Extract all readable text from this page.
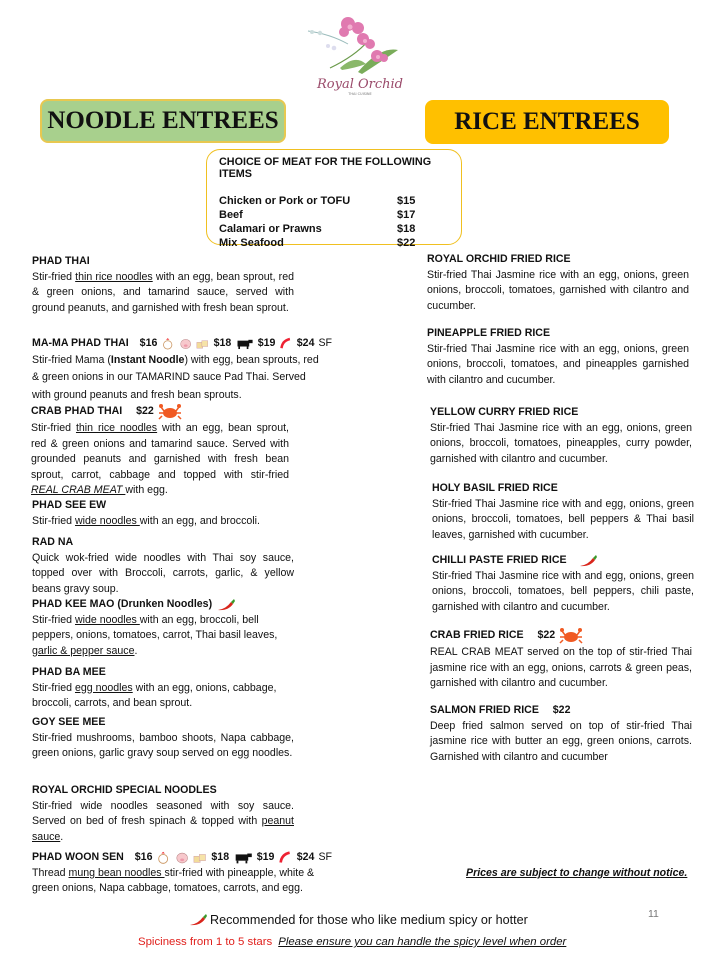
Royal Orchid
THAI CUISINE
NOODLE ENTREES	RICE ENTREES
CHOICE OF MEAT FOR THE FOLLOWING ITEMS
Chicken or Pork or TOFU	$15
Beef	$17
Calamari or Prawns	$18
Mix Seafood	$22
PHAD THAI
Stir-fried thin rice noodles with an egg, bean sprout, red & green onions, and tamarind sauce, served with ground peanuts, and garnished with fresh bean sprout.
MA-MA PHAD THAI
$16	$18 $19 $24 SF
Stir-fried Mama (Instant Noodle) with egg, bean sprouts, red & green onions in our TAMARIND sauce Pad Thai. Served with ground peanuts and fresh bean sprouts.
CRAB PHAD THAI
$22
Stir-fried thin rice noodles with an egg, bean sprout, red & green onions and tamarind sauce. Served with grounded peanuts and garnished with fresh bean sprout, carrot, cabbage and topped with stir-fried REAL CRAB MEAT with egg.
PHAD SEE EW
Stir-fried wide noodles with an egg, and broccoli.
RAD NA
Quick wok-fried wide noodles with Thai soy sauce, topped over with Broccoli, carrots, garlic, & yellow beans gravy soup.
PHAD KEE MAO (Drunken Noodles)
Stir-fried wide noodles with an egg, broccoli, bell peppers, onions, tomatoes, carrot, Thai basil leaves, garlic & pepper sauce.
PHAD BA MEE
Stir-fried egg noodles with an egg, onions, cabbage, broccoli, carrots, and bean sprout.
GOY SEE MEE
Stir-fried mushrooms, bamboo shoots, Napa cabbage, green onions, garlic gravy soup served on egg noodles.
ROYAL ORCHID SPECIAL NOODLES
Stir-fried wide noodles seasoned with soy sauce. Served on bed of fresh spinach & topped with peanut sauce.
PHAD WOON SEN
$16	$18	$19 $24 SF
Thread mung bean noodles stir-fried with pineapple, white & green onions, Napa cabbage, tomatoes, carrots, and egg.
ROYAL ORCHID FRIED RICE
Stir-fried Thai Jasmine rice with an egg, onions, green onions, broccoli, tomatoes, garnished with cilantro and cucumber.
PINEAPPLE FRIED RICE
Stir-fried Thai Jasmine rice with an egg, onions, green onions, broccoli, tomatoes, and pineapples garnished with cilantro and cucumber.
YELLOW CURRY FRIED RICE
Stir-fried Thai Jasmine rice with an egg, onions, green onions, broccoli, tomatoes, pineapples, curry powder, garnished with cilantro and cucumber.
HOLY BASIL FRIED RICE
Stir-fried Thai Jasmine rice with and egg, onions, green onions, broccoli, tomatoes, bell peppers & Thai basil leaves, garnished with cucumber.
CHILLI PASTE FRIED RICE

Stir-fried Thai Jasmine rice with and egg, onions, green onions, broccoli, tomatoes, bell peppers, chili paste, garnished with cilantro and cucumber.
CRAB FRIED RICE
$22
REAL CRAB MEAT served on the top of stir-fried Thai jasmine rice with an egg, onions, carrots & green peas, garnished with cilantro and cucumber.
SALMON FRIED RICE
$22
Deep fried salmon served on top of stir-fried Thai jasmine rice with butter an egg, green onions, carrots. Garnished with cilantro and cucumber
Prices are subject to change without notice.
11
Recommended for those who like medium spicy or hotter
Spiciness from 1 to 5 stars Please ensure you can handle the spicy level when order
